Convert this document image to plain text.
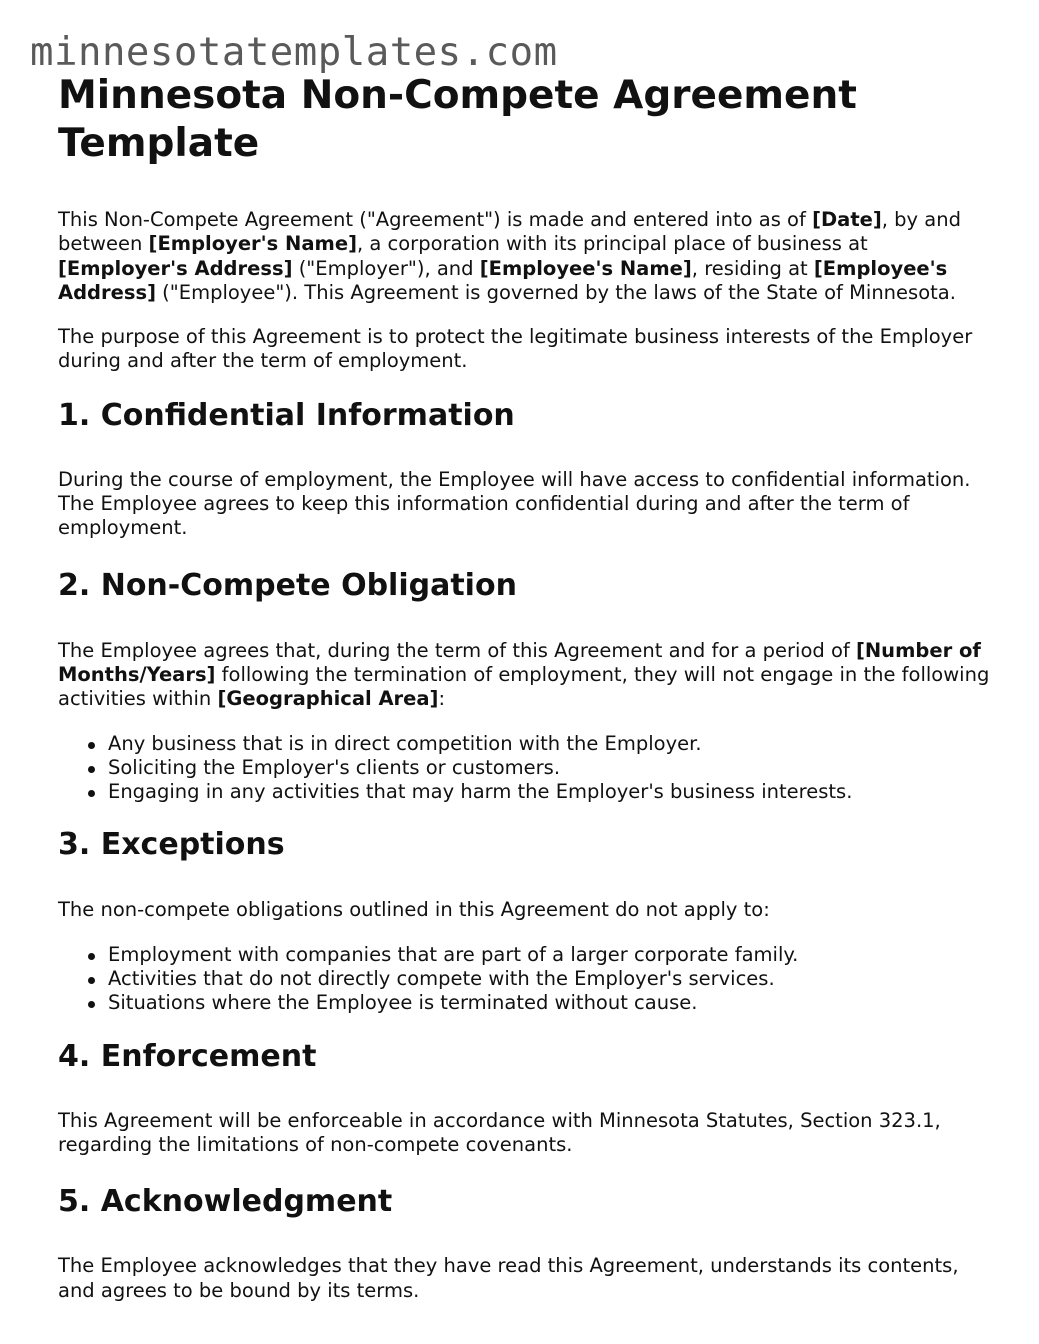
minnesotatemplates.com
Minnesota Non-Compete Agreement Template

This Non-Compete Agreement ("Agreement") is made and entered into as of [Date], by and between [Employer's Name], a corporation with its principal place of business at [Employer's Address] ("Employer"), and [Employee's Name], residing at [Employee's Address] ("Employee"). This Agreement is governed by the laws of the State of Minnesota.

The purpose of this Agreement is to protect the legitimate business interests of the Employer during and after the term of employment.

1. Confidential Information

During the course of employment, the Employee will have access to confidential information. The Employee agrees to keep this information confidential during and after the term of employment.

2. Non-Compete Obligation

The Employee agrees that, during the term of this Agreement and for a period of [Number of Months/Years] following the termination of employment, they will not engage in the following activities within [Geographical Area]:

Any business that is in direct competition with the Employer.
Soliciting the Employer's clients or customers.
Engaging in any activities that may harm the Employer's business interests.
3. Exceptions

The non-compete obligations outlined in this Agreement do not apply to:

Employment with companies that are part of a larger corporate family.
Activities that do not directly compete with the Employer's services.
Situations where the Employee is terminated without cause.
4. Enforcement

This Agreement will be enforceable in accordance with Minnesota Statutes, Section 323.1, regarding the limitations of non-compete covenants.

5. Acknowledgment

The Employee acknowledges that they have read this Agreement, understands its contents, and agrees to be bound by its terms.
